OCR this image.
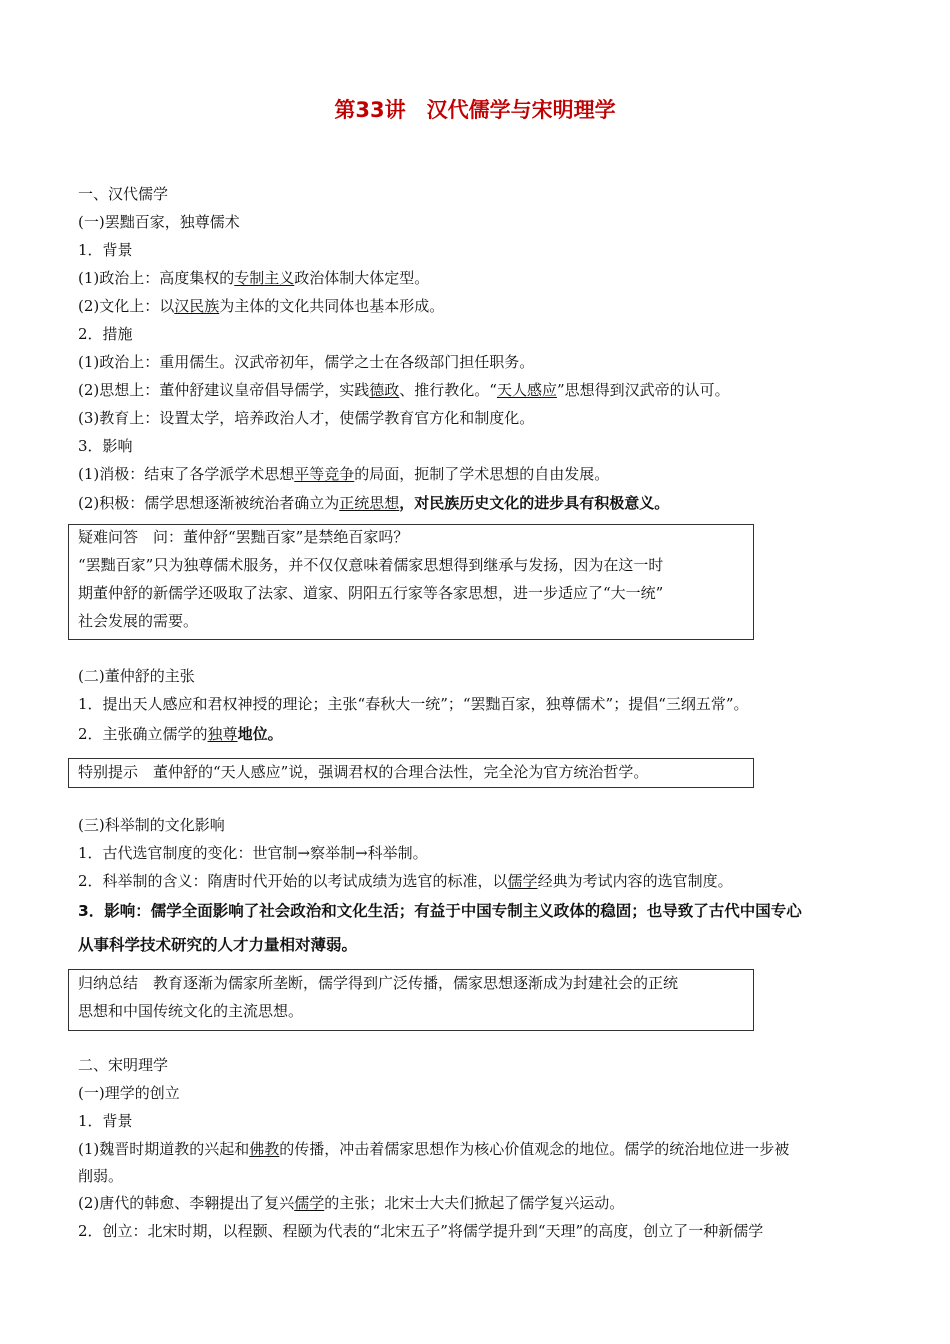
第33讲　汉代儒学与宋明理学
一、汉代儒学
(一)罢黜百家，独尊儒术
1．背景
(1)政治上：高度集权的专制主义政治体制大体定型。
(2)文化上：以汉民族为主体的文化共同体也基本形成。
2．措施
(1)政治上：重用儒生。汉武帝初年，儒学之士在各级部门担任职务。
(2)思想上：董仲舒建议皇帝倡导儒学，实践德政、推行教化。“天人感应”思想得到汉武帝的认可。
(3)教育上：设置太学，培养政治人才，使儒学教育官方化和制度化。
3．影响
(1)消极：结束了各学派学术思想平等竞争的局面，扼制了学术思想的自由发展。
(2)积极：儒学思想逐渐被统治者确立为正统思想，对民族历史文化的进步具有积极意义。
疑难问答　问：董仲舒“罢黜百家”是禁绝百家吗？
“罢黜百家”只为独尊儒术服务，并不仅仅意味着儒家思想得到继承与发扬，因为在这一时
期董仲舒的新儒学还吸取了法家、道家、阴阳五行家等各家思想，进一步适应了“大一统”
社会发展的需要。
(二)董仲舒的主张
1．提出天人感应和君权神授的理论；主张“春秋大一统”；“罢黜百家，独尊儒术”；提倡“三纲五常”。
2．主张确立儒学的独尊地位。
特别提示　董仲舒的“天人感应”说，强调君权的合理合法性，完全沦为官方统治哲学。
(三)科举制的文化影响
1．古代选官制度的变化：世官制→察举制→科举制。
2．科举制的含义：隋唐时代开始的以考试成绩为选官的标准，以儒学经典为考试内容的选官制度。
3．影响：儒学全面影响了社会政治和文化生活；有益于中国专制主义政体的稳固；也导致了古代中国专心
从事科学技术研究的人才力量相对薄弱。
归纳总结　教育逐渐为儒家所垄断，儒学得到广泛传播，儒家思想逐渐成为封建社会的正统
思想和中国传统文化的主流思想。
二、宋明理学
(一)理学的创立
1．背景
(1)魏晋时期道教的兴起和佛教的传播，冲击着儒家思想作为核心价值观念的地位。儒学的统治地位进一步被
削弱。
(2)唐代的韩愈、李翱提出了复兴儒学的主张；北宋士大夫们掀起了儒学复兴运动。
2．创立：北宋时期，以程颢、程颐为代表的“北宋五子”将儒学提升到“天理”的高度，创立了一种新儒学
